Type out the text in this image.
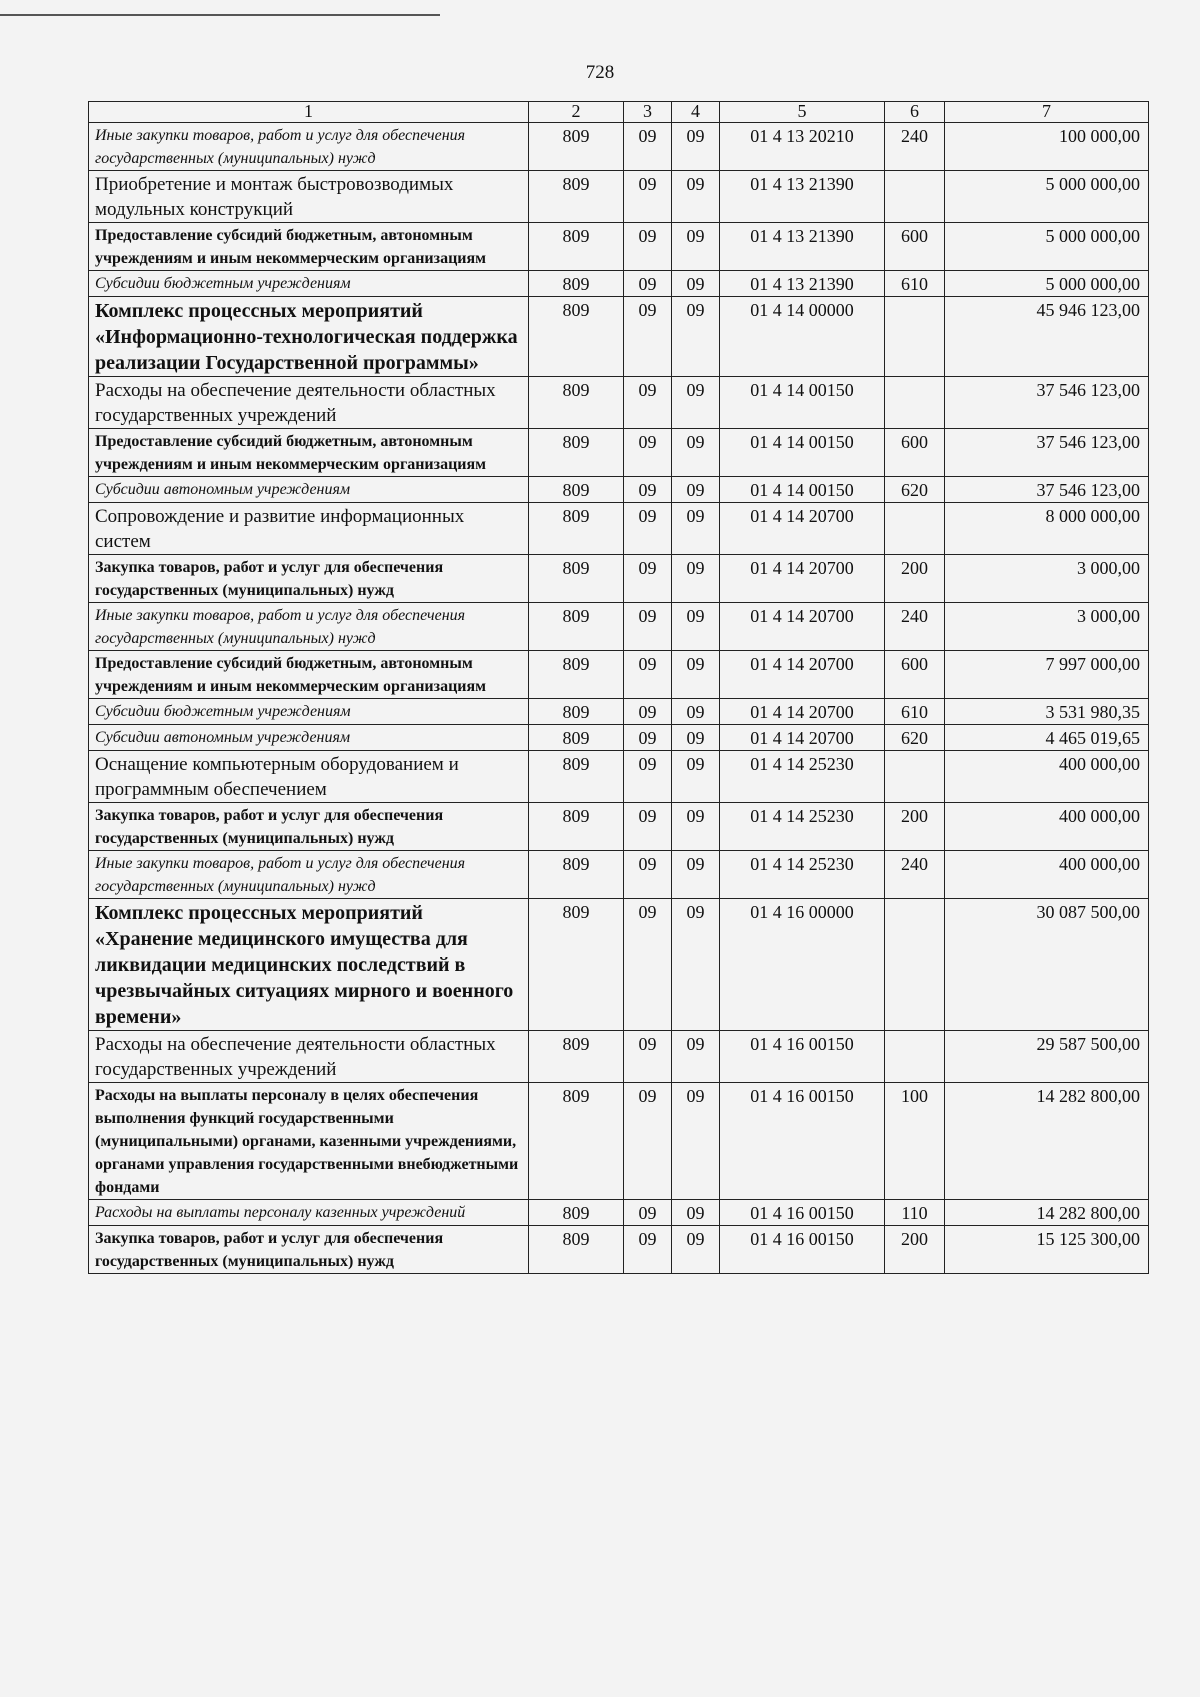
728
1	2	3	4	5	6	7
Иные закупки товаров, работ и услуг для обеспечения государственных (муниципальных) нужд	809	09	09	01 4 13 20210	240	100 000,00
Приобретение и монтаж быстровозводимых модульных конструкций	809	09	09	01 4 13 21390		5 000 000,00
Предоставление субсидий бюджетным, автономным учреждениям и иным некоммерческим организациям	809	09	09	01 4 13 21390	600	5 000 000,00
Субсидии бюджетным учреждениям	809	09	09	01 4 13 21390	610	5 000 000,00
Комплекс процессных мероприятий «Информационно-технологическая поддержка реализации Государственной программы»	809	09	09	01 4 14 00000		45 946 123,00
Расходы на обеспечение деятельности областных государственных учреждений	809	09	09	01 4 14 00150		37 546 123,00
Предоставление субсидий бюджетным, автономным учреждениям и иным некоммерческим организациям	809	09	09	01 4 14 00150	600	37 546 123,00
Субсидии автономным учреждениям	809	09	09	01 4 14 00150	620	37 546 123,00
Сопровождение и развитие информационных систем	809	09	09	01 4 14 20700		8 000 000,00
Закупка товаров, работ и услуг для обеспечения государственных (муниципальных) нужд	809	09	09	01 4 14 20700	200	3 000,00
Иные закупки товаров, работ и услуг для обеспечения государственных (муниципальных) нужд	809	09	09	01 4 14 20700	240	3 000,00
Предоставление субсидий бюджетным, автономным учреждениям и иным некоммерческим организациям	809	09	09	01 4 14 20700	600	7 997 000,00
Субсидии бюджетным учреждениям	809	09	09	01 4 14 20700	610	3 531 980,35
Субсидии автономным учреждениям	809	09	09	01 4 14 20700	620	4 465 019,65
Оснащение компьютерным оборудованием и программным обеспечением	809	09	09	01 4 14 25230		400 000,00
Закупка товаров, работ и услуг для обеспечения государственных (муниципальных) нужд	809	09	09	01 4 14 25230	200	400 000,00
Иные закупки товаров, работ и услуг для обеспечения государственных (муниципальных) нужд	809	09	09	01 4 14 25230	240	400 000,00
Комплекс процессных мероприятий «Хранение медицинского имущества для ликвидации медицинских последствий в чрезвычайных ситуациях мирного и военного времени»	809	09	09	01 4 16 00000		30 087 500,00
Расходы на обеспечение деятельности областных государственных учреждений	809	09	09	01 4 16 00150		29 587 500,00
Расходы на выплаты персоналу в целях обеспечения выполнения функций государственными (муниципальными) органами, казенными учреждениями, органами управления государственными внебюджетными фондами	809	09	09	01 4 16 00150	100	14 282 800,00
Расходы на выплаты персоналу казенных учреждений	809	09	09	01 4 16 00150	110	14 282 800,00
Закупка товаров, работ и услуг для обеспечения государственных (муниципальных) нужд	809	09	09	01 4 16 00150	200	15 125 300,00
